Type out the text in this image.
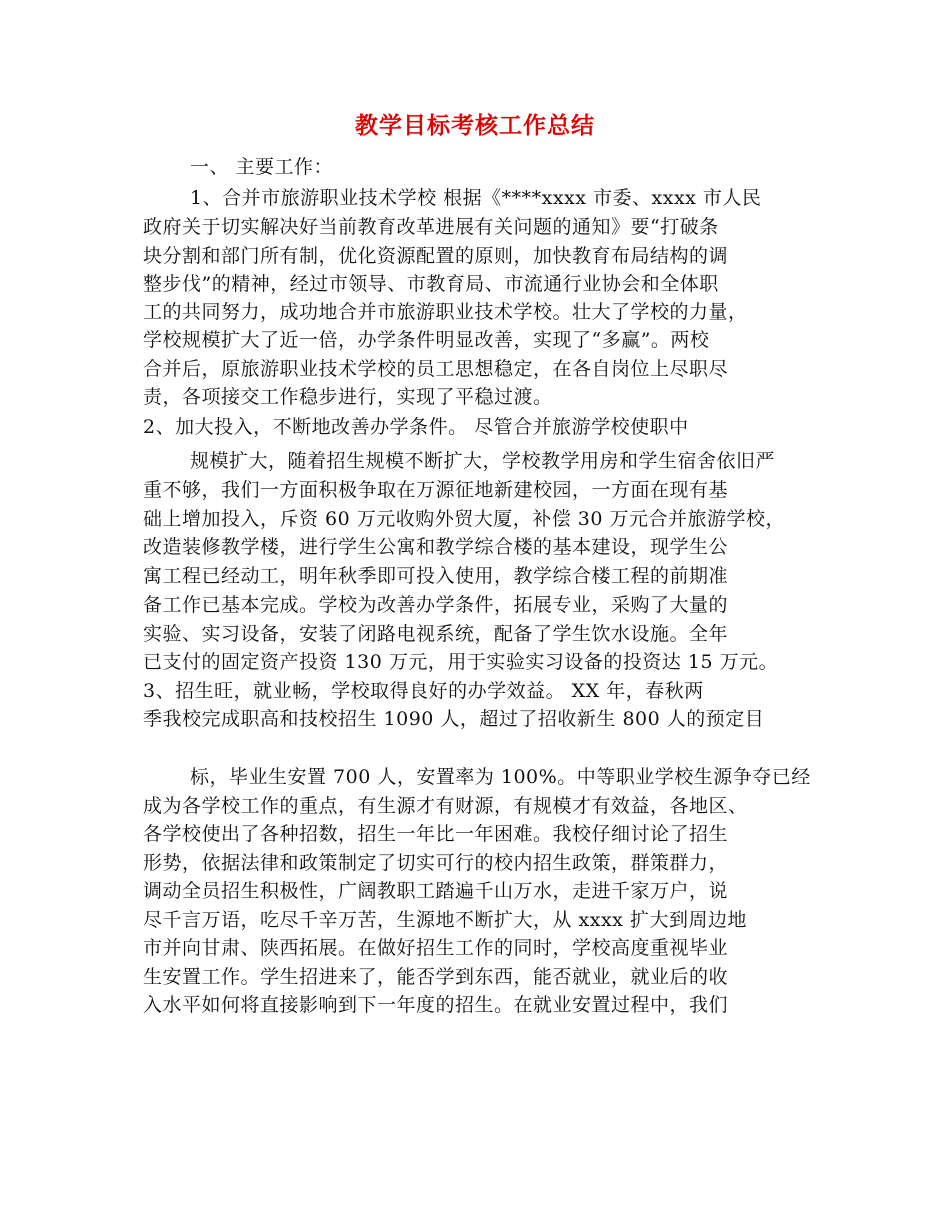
教学目标考核工作总结
一、 主要工作：
1、合并市旅游职业技术学校 根据《****xxxx 市委、xxxx 市人民
政府关于切实解决好当前教育改革进展有关问题的通知》要“打破条
块分割和部门所有制，优化资源配置的原则，加快教育布局结构的调
整步伐”的精神，经过市领导、市教育局、市流通行业协会和全体职
工的共同努力，成功地合并市旅游职业技术学校。壮大了学校的力量，
学校规模扩大了近一倍，办学条件明显改善，实现了“多赢”。两校
合并后，原旅游职业技术学校的员工思想稳定，在各自岗位上尽职尽
责，各项接交工作稳步进行，实现了平稳过渡。
2、加大投入，不断地改善办学条件。 尽管合并旅游学校使职中
规模扩大，随着招生规模不断扩大，学校教学用房和学生宿舍依旧严
重不够，我们一方面积极争取在万源征地新建校园，一方面在现有基
础上增加投入，斥资 60 万元收购外贸大厦，补偿 30 万元合并旅游学校，
改造装修教学楼，进行学生公寓和教学综合楼的基本建设，现学生公
寓工程已经动工，明年秋季即可投入使用，教学综合楼工程的前期准
备工作已基本完成。学校为改善办学条件，拓展专业，采购了大量的
实验、实习设备，安装了闭路电视系统，配备了学生饮水设施。全年
已支付的固定资产投资 130 万元，用于实验实习设备的投资达 15 万元。
3、招生旺，就业畅，学校取得良好的办学效益。 XX 年，春秋两
季我校完成职高和技校招生 1090 人，超过了招收新生 800 人的预定目
标，毕业生安置 700 人，安置率为 100%。中等职业学校生源争夺已经
成为各学校工作的重点，有生源才有财源，有规模才有效益，各地区、
各学校使出了各种招数，招生一年比一年困难。我校仔细讨论了招生
形势，依据法律和政策制定了切实可行的校内招生政策，群策群力，
调动全员招生积极性，广阔教职工踏遍千山万水，走进千家万户，说
尽千言万语，吃尽千辛万苦，生源地不断扩大，从 xxxx 扩大到周边地
市并向甘肃、陕西拓展。在做好招生工作的同时，学校高度重视毕业
生安置工作。学生招进来了，能否学到东西，能否就业，就业后的收
入水平如何将直接影响到下一年度的招生。在就业安置过程中，我们
